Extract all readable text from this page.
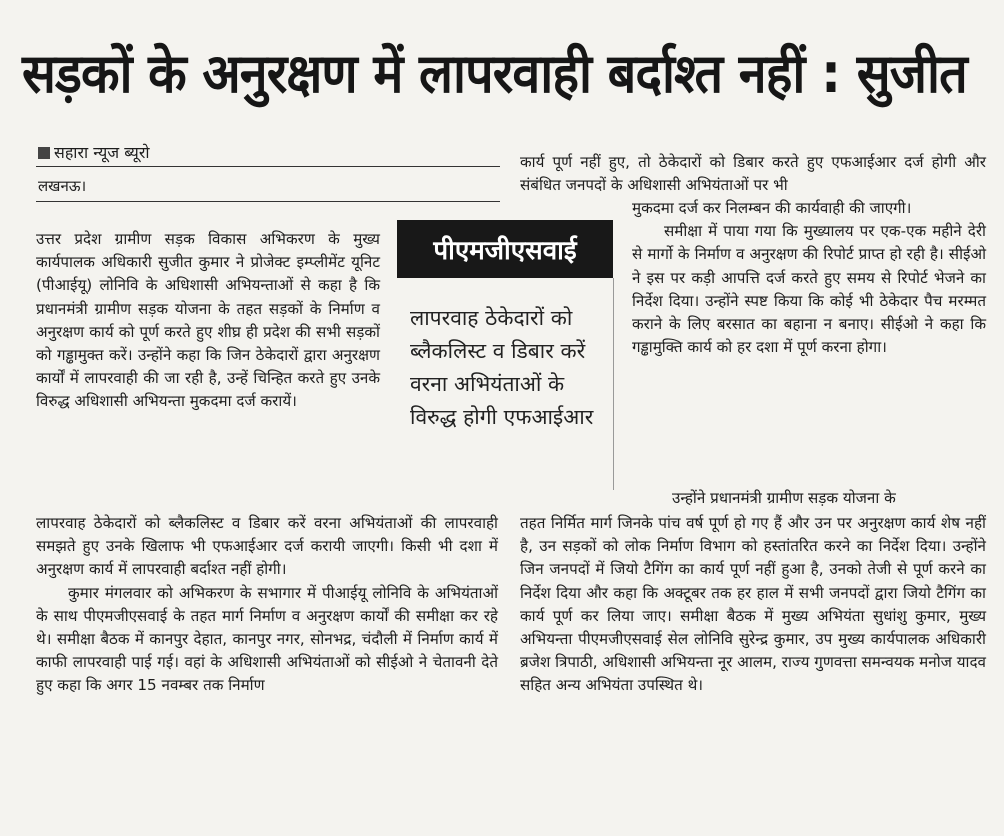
सड़कों के अनुरक्षण में लापरवाही बर्दाश्त नहीं : सुजीत
सहारा न्यूज ब्यूरो
लखनऊ।

उत्तर प्रदेश ग्रामीण सड़क विकास अभिकरण के मुख्य कार्यपालक अधिकारी सुजीत कुमार ने प्रोजेक्ट इम्प्लीमेंट यूनिट (पीआईयू) लोनिवि के अधिशासी अभियन्ताओं से कहा है कि प्रधानमंत्री ग्रामीण सड़क योजना के तहत सड़कों के निर्माण व अनुरक्षण कार्य को पूर्ण करते हुए शीघ्र ही प्रदेश की सभी सड़कों को गड्ढामुक्त करें। उन्होंने कहा कि जिन ठेकेदारों द्वारा अनुरक्षण कार्यों में लापरवाही की जा रही है, उन्हें चिन्हित करते हुए उनके विरुद्ध अधिशासी अभियन्ता मुकदमा दर्ज करायें।

पीएमजीएसवाई
लापरवाह ठेकेदारों को ब्लैकलिस्ट व डिबार करें वरना अभियंताओं के विरुद्ध होगी एफआईआर

लापरवाह ठेकेदारों को ब्लैकलिस्ट व डिबार करें वरना अभियंताओं की लापरवाही समझते हुए उनके खिलाफ भी एफआईआर दर्ज करायी जाएगी। किसी भी दशा में अनुरक्षण कार्य में लापरवाही बर्दाश्त नहीं होगी।

कुमार मंगलवार को अभिकरण के सभागार में पीआईयू लोनिवि के अभियंताओं के साथ पीएमजीएसवाई के तहत मार्ग निर्माण व अनुरक्षण कार्यों की समीक्षा कर रहे थे। समीक्षा बैठक में कानपुर देहात, कानपुर नगर, सोनभद्र, चंदौली में निर्माण कार्य में काफी लापरवाही पाई गई। वहां के अधिशासी अभियंताओं को सीईओ ने चेतावनी देते हुए कहा कि अगर 15 नवम्बर तक निर्माण

कार्य पूर्ण नहीं हुए, तो ठेकेदारों को डिबार करते हुए एफआईआर दर्ज होगी और संबंधित जनपदों के अधिशासी अभियंताओं पर भी

मुकदमा दर्ज कर निलम्बन की कार्यवाही की जाएगी।

समीक्षा में पाया गया कि मुख्यालय पर एक-एक महीने देरी से मार्गो के निर्माण व अनुरक्षण की रिपोर्ट प्राप्त हो रही है। सीईओ ने इस पर कड़ी आपत्ति दर्ज करते हुए समय से रिपोर्ट भेजने का निर्देश दिया। उन्होंने स्पष्ट किया कि कोई भी ठेकेदार पैच मरम्मत कराने के लिए बरसात का बहाना न बनाए। सीईओ ने कहा कि गड्ढामुक्ति कार्य को हर दशा में पूर्ण करना होगा।

उन्होंने प्रधानमंत्री ग्रामीण सड़क योजना के

तहत निर्मित मार्ग जिनके पांच वर्ष पूर्ण हो गए हैं और उन पर अनुरक्षण कार्य शेष नहीं है, उन सड़कों को लोक निर्माण विभाग को हस्तांतरित करने का निर्देश दिया। उन्होंने जिन जनपदों में जियो टैगिंग का कार्य पूर्ण नहीं हुआ है, उनको तेजी से पूर्ण करने का निर्देश दिया और कहा कि अक्टूबर तक हर हाल में सभी जनपदों द्वारा जियो टैगिंग का कार्य पूर्ण कर लिया जाए। समीक्षा बैठक में मुख्य अभियंता सुधांशु कुमार, मुख्य अभियन्ता पीएमजीएसवाई सेल लोनिवि सुरेन्द्र कुमार, उप मुख्य कार्यपालक अधिकारी ब्रजेश त्रिपाठी, अधिशासी अभियन्ता नूर आलम, राज्य गुणवत्ता समन्वयक मनोज यादव सहित अन्य अभियंता उपस्थित थे।
